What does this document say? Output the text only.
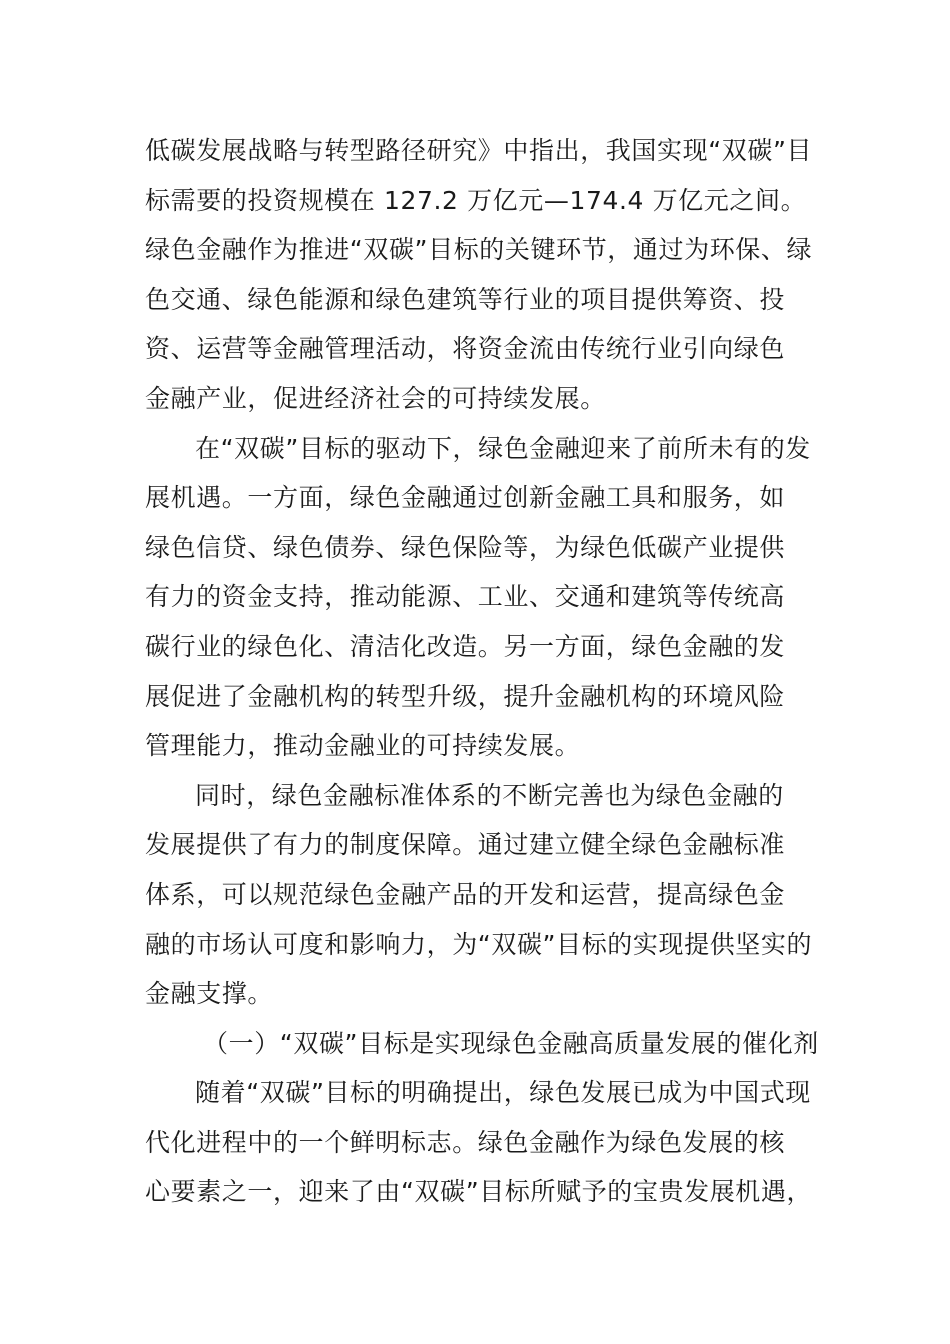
低碳发展战略与转型路径研究》中指出，我国实现“双碳”目
标需要的投资规模在 127.2 万亿元—174.4 万亿元之间。
绿色金融作为推进“双碳”目标的关键环节，通过为环保、绿
色交通、绿色能源和绿色建筑等行业的项目提供筹资、投
资、运营等金融管理活动，将资金流由传统行业引向绿色
金融产业，促进经济社会的可持续发展。
在“双碳”目标的驱动下，绿色金融迎来了前所未有的发
展机遇。一方面，绿色金融通过创新金融工具和服务，如
绿色信贷、绿色债券、绿色保险等，为绿色低碳产业提供
有力的资金支持，推动能源、工业、交通和建筑等传统高
碳行业的绿色化、清洁化改造。另一方面，绿色金融的发
展促进了金融机构的转型升级，提升金融机构的环境风险
管理能力，推动金融业的可持续发展。
同时，绿色金融标准体系的不断完善也为绿色金融的
发展提供了有力的制度保障。通过建立健全绿色金融标准
体系，可以规范绿色金融产品的开发和运营，提高绿色金
融的市场认可度和影响力，为“双碳”目标的实现提供坚实的
金融支撑。
（一）“双碳”目标是实现绿色金融高质量发展的催化剂
随着“双碳”目标的明确提出，绿色发展已成为中国式现
代化进程中的一个鲜明标志。绿色金融作为绿色发展的核
心要素之一，迎来了由“双碳”目标所赋予的宝贵发展机遇，
